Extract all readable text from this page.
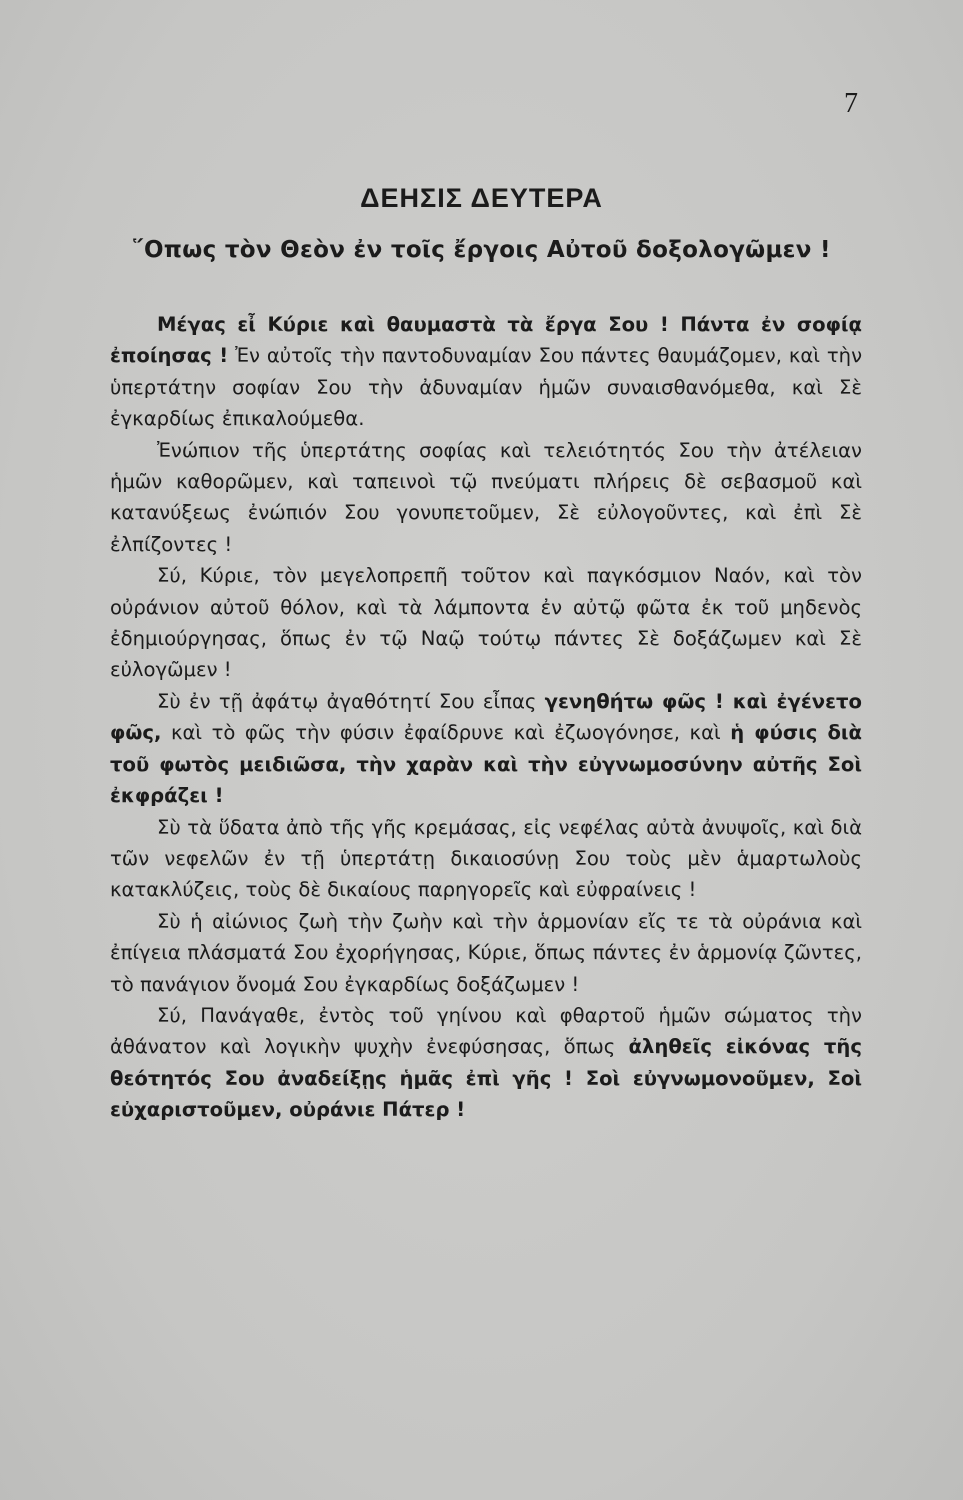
7
ΔΕΗΣΙΣ ΔΕΥΤΕΡΑ
῞Οπως τὸν Θεὸν ἐν τοῖς ἔργοις Αὐτοῦ δοξολογῶμεν !

Μέγας εἶ Κύριε καὶ θαυμαστὰ τὰ ἔργα Σου ! Πάντα ἐν σοφίᾳ ἐποίησας ! Ἐν αὐτοῖς τὴν παντοδυναμίαν Σου πάντες θαυμάζομεν, καὶ τὴν ὑπερτάτην σοφίαν Σου τὴν ἀδυναμίαν ἡμῶν συναισθανόμεθα, καὶ Σὲ ἐγκαρδίως ἐπικαλούμεθα.

Ἐνώπιον τῆς ὑπερτάτης σοφίας καὶ τελειότητός Σου τὴν ἀτέλειαν ἡμῶν καθορῶμεν, καὶ ταπεινοὶ τῷ πνεύματι πλήρεις δὲ σεβασμοῦ καὶ κατανύξεως ἐνώπιόν Σου γονυπετοῦμεν, Σὲ εὐλογοῦντες, καὶ ἐπὶ Σὲ ἐλπίζοντες !

Σύ, Κύριε, τὸν μεγελοπρεπῆ τοῦτον καὶ παγκόσμιον Ναόν, καὶ τὸν οὐράνιον αὐτοῦ θόλον, καὶ τὰ λάμποντα ἐν αὐτῷ φῶτα ἐκ τοῦ μηδενὸς ἐδημιούργησας, ὅπως ἐν τῷ Ναῷ τούτῳ πάντες Σὲ δοξάζωμεν καὶ Σὲ εὐλογῶμεν !

Σὺ ἐν τῇ ἀφάτῳ ἀγαθότητί Σου εἶπας γενηθήτω φῶς ! καὶ ἐγένετο φῶς, καὶ τὸ φῶς τὴν φύσιν ἐφαίδρυνε καὶ ἐζωογόνησε, καὶ ἡ φύσις διὰ τοῦ φωτὸς μειδιῶσα, τὴν χαρὰν καὶ τὴν εὐγνωμοσύνην αὐτῆς Σοὶ ἐκφράζει !

Σὺ τὰ ὕδατα ἀπὸ τῆς γῆς κρεμάσας, εἰς νεφέλας αὐτὰ ἀνυψοῖς, καὶ διὰ τῶν νεφελῶν ἐν τῇ ὑπερτάτῃ δικαιοσύνῃ Σου τοὺς μὲν ἁμαρτωλοὺς κατακλύζεις, τοὺς δὲ δικαίους παρηγορεῖς καὶ εὐφραίνεις !

Σὺ ἡ αἰώνιος ζωὴ τὴν ζωὴν καὶ τὴν ἁρμονίαν εἴς τε τὰ οὐράνια καὶ ἐπίγεια πλάσματά Σου ἐχορήγησας, Κύριε, ὅπως πάντες ἐν ἁρμονίᾳ ζῶντες, τὸ πανάγιον ὄνομά Σου ἐγκαρδίως δοξάζωμεν !

Σύ, Πανάγαθε, ἐντὸς τοῦ γηίνου καὶ φθαρτοῦ ἡμῶν σώματος τὴν ἀθάνατον καὶ λογικὴν ψυχὴν ἐνεφύσησας, ὅπως ἀληθεῖς εἰκόνας τῆς θεότητός Σου ἀναδείξῃς ἡμᾶς ἐπὶ γῆς ! Σοὶ εὐγνωμονοῦμεν, Σοὶ εὐχαριστοῦμεν, οὐράνιε Πάτερ !
